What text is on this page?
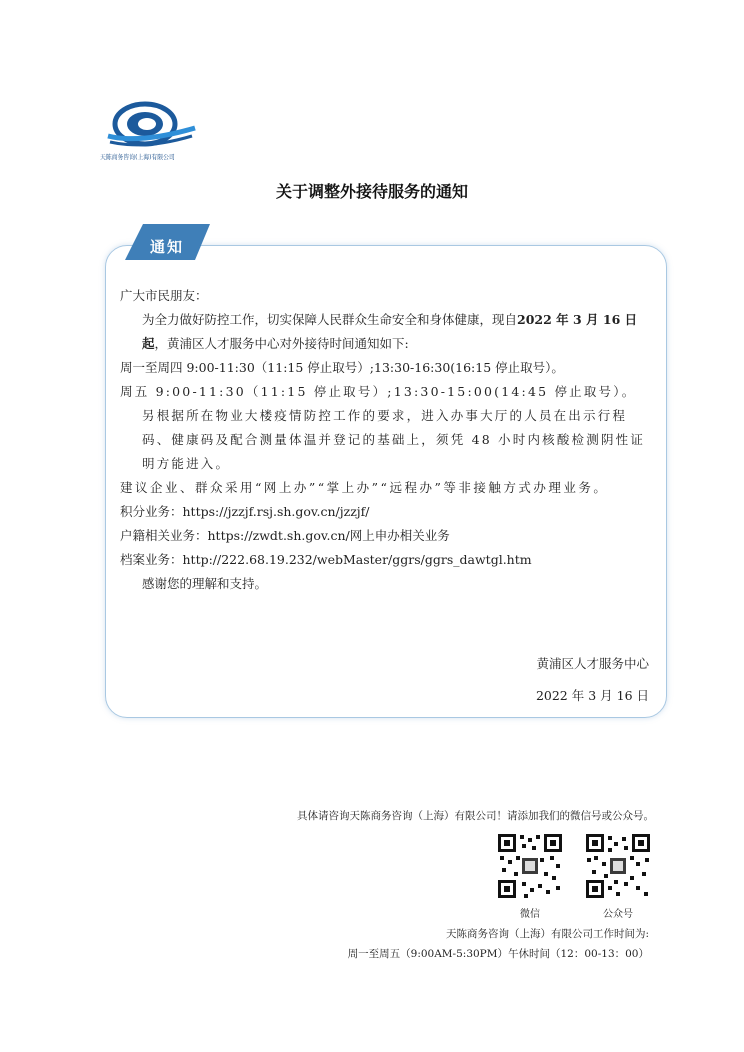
天陈商务咨询(上海)有限公司
关于调整外接待服务的通知
通知
广大市民朋友：
为全力做好防控工作，切实保障人民群众生命安全和身体健康，现自2022 年 3 月 16 日起，黄浦区人才服务中心对外接待时间通知如下:
周一至周四 9:00-11:30（11:15 停止取号）;13:30-16:30(16:15 停止取号）。
周五 9:00-11:30（11:15 停止取号）;13:30-15:00(14:45 停止取号）。
另根据所在物业大楼疫情防控工作的要求，进入办事大厅的人员在出示行程码、健康码及配合测量体温并登记的基础上，须凭 48 小时内核酸检测阴性证明方能进入。
建议企业、群众采用“网上办”“掌上办”“远程办”等非接触方式办理业务。
积分业务：https://jzzjf.rsj.sh.gov.cn/jzzjf/
户籍相关业务：https://zwdt.sh.gov.cn/网上申办相关业务
档案业务：http://222.68.19.232/webMaster/ggrs/ggrs_dawtgl.htm
感谢您的理解和支持。
黄浦区人才服务中心
2022 年 3 月 16 日
具体请咨询天陈商务咨询（上海）有限公司！请添加我们的微信号或公众号。
微信	公众号
天陈商务咨询（上海）有限公司工作时间为:
周一至周五（9:00AM-5:30PM）午休时间（12：00-13：00）
